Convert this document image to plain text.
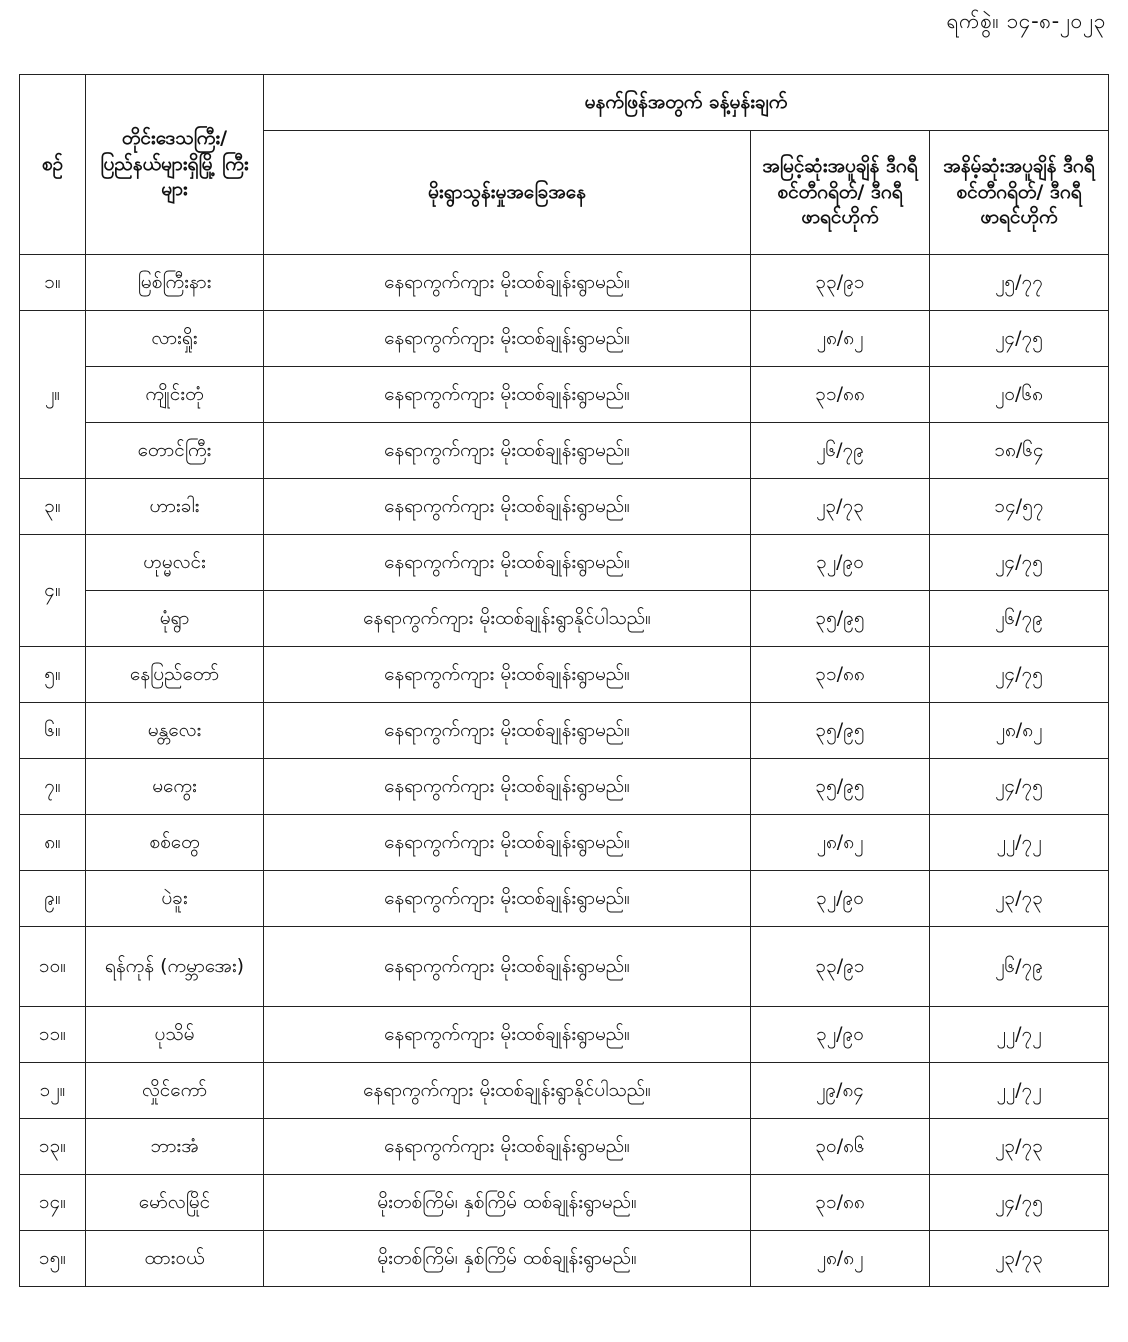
ရက်စွဲ။ ၁၄-၈-၂၀၂၃
စဉ်	တိုင်းဒေသကြီး/ ပြည်နယ်များရှိမြို့ ကြီးများ	မနက်ဖြန်အတွက် ခန့်မှန်းချက်		
		မိုးရွာသွန်းမှုအခြေအနေ	အမြင့်ဆုံးအပူချိန် ဒီဂရီစင်တီဂရိတ်/ ဒီဂရီဖာရင်ဟိုက်	အနိမ့်ဆုံးအပူချိန် ဒီဂရီစင်တီဂရိတ်/ ဒီဂရီဖာရင်ဟိုက်
၁။	မြစ်ကြီးနား	နေရာကွက်ကျား မိုးထစ်ချုန်းရွာမည်။	၃၃/၉၁	၂၅/၇၇
၂။	လားရှိုး	နေရာကွက်ကျား မိုးထစ်ချုန်းရွာမည်။	၂၈/၈၂	၂၄/၇၅
	ကျိုင်းတုံ	နေရာကွက်ကျား မိုးထစ်ချုန်းရွာမည်။	၃၁/၈၈	၂၀/၆၈
	တောင်ကြီး	နေရာကွက်ကျား မိုးထစ်ချုန်းရွာမည်။	၂၆/၇၉	၁၈/၆၄
၃။	ဟားခါး	နေရာကွက်ကျား မိုးထစ်ချုန်းရွာမည်။	၂၃/၇၃	၁၄/၅၇
၄။	ဟုမ္မလင်း	နေရာကွက်ကျား မိုးထစ်ချုန်းရွာမည်။	၃၂/၉၀	၂၄/၇၅
	မုံရွာ	နေရာကွက်ကျား မိုးထစ်ချုန်းရွာနိုင်ပါသည်။	၃၅/၉၅	၂၆/၇၉
၅။	နေပြည်တော်	နေရာကွက်ကျား မိုးထစ်ချုန်းရွာမည်။	၃၁/၈၈	၂၄/၇၅
၆။	မန္တလေး	နေရာကွက်ကျား မိုးထစ်ချုန်းရွာမည်။	၃၅/၉၅	၂၈/၈၂
၇။	မကွေး	နေရာကွက်ကျား မိုးထစ်ချုန်းရွာမည်။	၃၅/၉၅	၂၄/၇၅
၈။	စစ်တွေ	နေရာကွက်ကျား မိုးထစ်ချုန်းရွာမည်။	၂၈/၈၂	၂၂/၇၂
၉။	ပဲခူး	နေရာကွက်ကျား မိုးထစ်ချုန်းရွာမည်။	၃၂/၉၀	၂၃/၇၃
၁၀။	ရန်ကုန် (ကမ္ဘာအေး)	နေရာကွက်ကျား မိုးထစ်ချုန်းရွာမည်။	၃၃/၉၁	၂၆/၇၉
၁၁။	ပုသိမ်	နေရာကွက်ကျား မိုးထစ်ချုန်းရွာမည်။	၃၂/၉၀	၂၂/၇၂
၁၂။	လှိုင်ကော်	နေရာကွက်ကျား မိုးထစ်ချုန်းရွာနိုင်ပါသည်။	၂၉/၈၄	၂၂/၇၂
၁၃။	ဘားအံ	နေရာကွက်ကျား မိုးထစ်ချုန်းရွာမည်။	၃၀/၈၆	၂၃/၇၃
၁၄။	မော်လမြိုင်	မိုးတစ်ကြိမ်၊ နှစ်ကြိမ် ထစ်ချုန်းရွာမည်။	၃၁/၈၈	၂၄/၇၅
၁၅။	ထားဝယ်	မိုးတစ်ကြိမ်၊ နှစ်ကြိမ် ထစ်ချုန်းရွာမည်။	၂၈/၈၂	၂၃/၇၃
